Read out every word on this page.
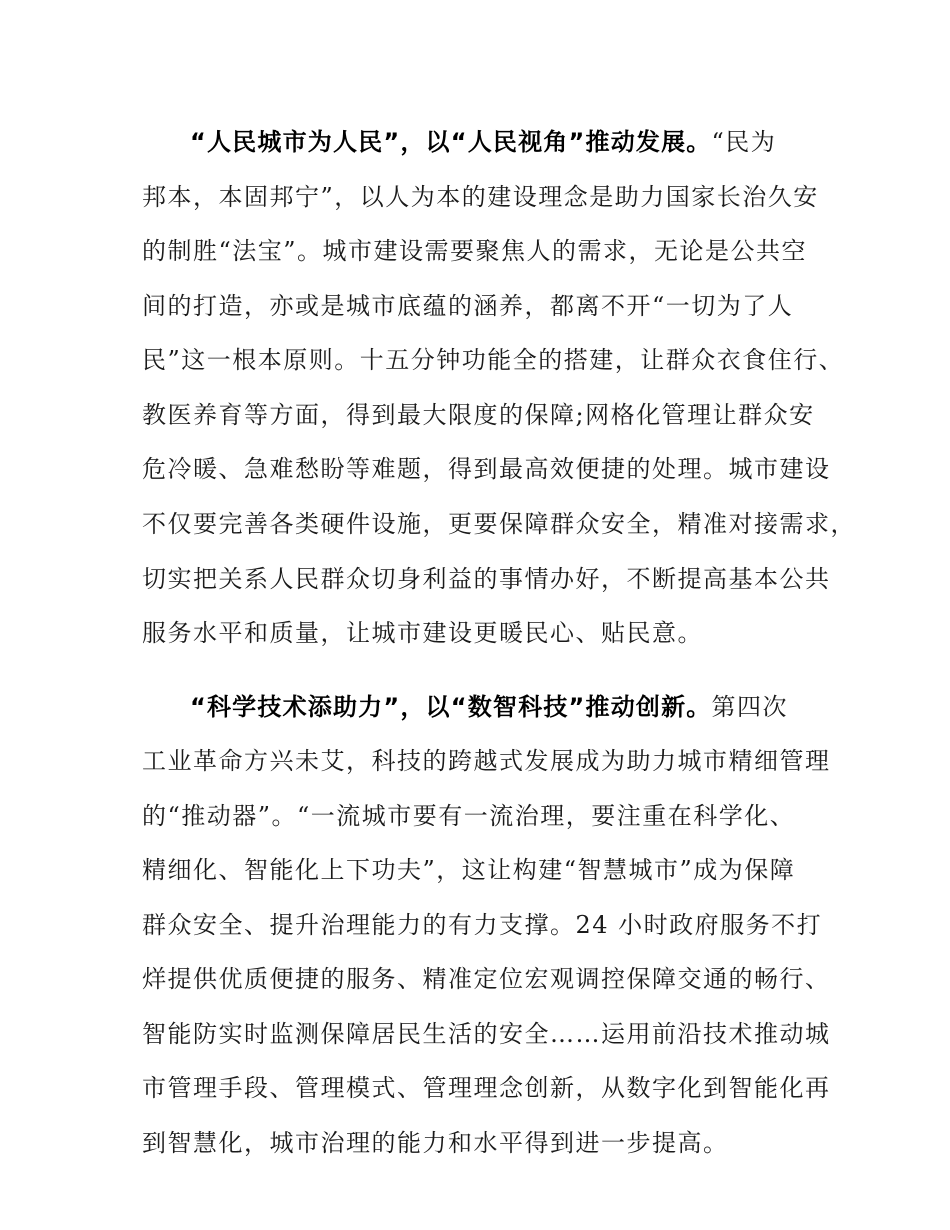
“人民城市为人民”，以“人民视角”推动发展。“民为

邦本，本固邦宁”，以人为本的建设理念是助力国家长治久安

的制胜“法宝”。城市建设需要聚焦人的需求，无论是公共空

间的打造，亦或是城市底蕴的涵养，都离不开“一切为了人

民”这一根本原则。十五分钟功能全的搭建，让群众衣食住行、

教医养育等方面，得到最大限度的保障;网格化管理让群众安

危冷暖、急难愁盼等难题，得到最高效便捷的处理。城市建设

不仅要完善各类硬件设施，更要保障群众安全，精准对接需求，

切实把关系人民群众切身利益的事情办好，不断提高基本公共

服务水平和质量，让城市建设更暖民心、贴民意。

“科学技术添助力”，以“数智科技”推动创新。第四次

工业革命方兴未艾，科技的跨越式发展成为助力城市精细管理

的“推动器”。“一流城市要有一流治理，要注重在科学化、

精细化、智能化上下功夫”，这让构建“智慧城市”成为保障

群众安全、提升治理能力的有力支撑。24 小时政府服务不打

烊提供优质便捷的服务、精准定位宏观调控保障交通的畅行、

智能防实时监测保障居民生活的安全……运用前沿技术推动城

市管理手段、管理模式、管理理念创新，从数字化到智能化再

到智慧化，城市治理的能力和水平得到进一步提高。
